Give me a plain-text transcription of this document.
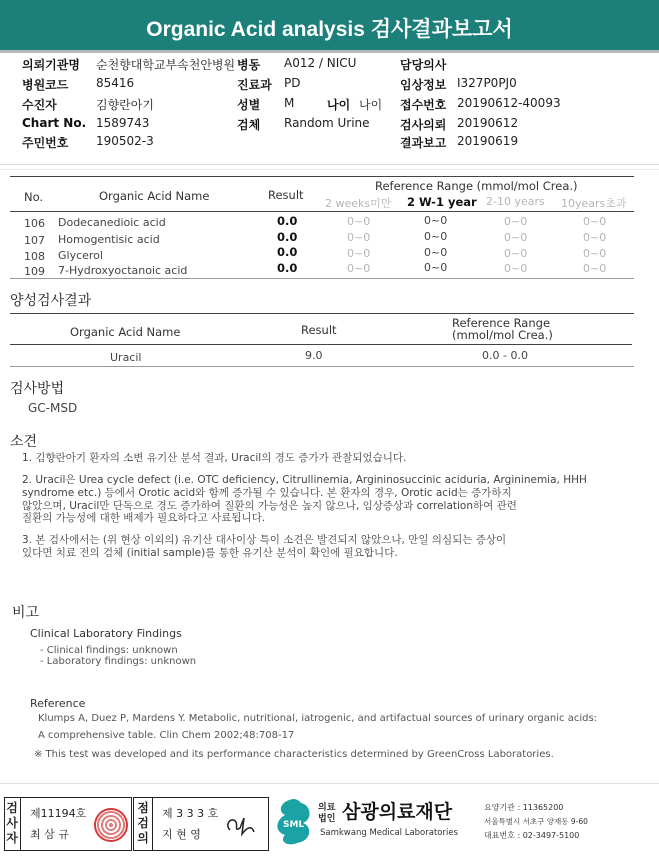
Organic Acid analysis 검사결과보고서
의뢰기관명 순천향대학교부속천안병원
병원코드 85416
수진자	김향란아기
Chart No. 1589743
주민번호 190502-3
병동 A012 / NICU
진료과 PD
성별 M	나이 나이
검체 Random Urine
담당의사
임상정보 I327P0PJ0
접수번호 20190612-40093
검사의뢰 20190612
결과보고 20190619
No.	Organic Acid Name	Result
Reference Range (mmol/mol Crea.)
2 weeks미만 2 W-1 year 2-10 years 10years초과
106 Dodecanedioic acid	0.0	0~0	0~0	0~0	0~0
107 Homogentisic acid	0.0	0~0	0~0	0~0	0~0
108 Glycerol	0.0	0~0	0~0	0~0	0~0
109 7-Hydroxyoctanoic acid	0.0	0~0	0~0	0~0	0~0
양성검사결과
Organic Acid Name	Result	Reference Range
(mmol/mol Crea.)
Uracil	9.0	0.0 - 0.0
검사방법
GC-MSD
소견
1. 김향란아기 환자의 소변 유기산 분석 결과, Uracil의 경도 증가가 관찰되었습니다.
2. Uracil은 Urea cycle defect (i.e. OTC deficiency, Citrullinemia, Argininosuccinic aciduria, Argininemia, HHH
syndrome etc.) 등에서 Orotic acid와 함께 증가될 수 있습니다. 본 환자의 경우, Orotic acid는 증가하지
않았으며, Uracil만 단독으로 경도 증가하여 질환의 가능성은 높지 않으나, 임상증상과 correlation하여 관련
질환의 가능성에 대한 배제가 필요하다고 사료됩니다.
3. 본 검사에서는 (위 현상 이외의) 유기산 대사이상 특이 소견은 발견되지 않았으나, 만일 의심되는 증상이
있다면 치료 전의 검체 (initial sample)를 통한 유기산 분석이 확인에 필요합니다.
비고
Clinical Laboratory Findings
- Clinical findings: unknown
- Laboratory findings: unknown
Reference
Klumps A, Duez P, Mardens Y. Metabolic, nutritional, iatrogenic, and artifactual sources of urinary organic acids:
A comprehensive table. Clin Chem 2002;48:708-17
※ This test was developed and its performance characteristics determined by GreenCross Laboratories.
검사자
제11194호
최 삼 규
점검의
제 3 3 3 호
지 현 영
SML
의료법인 삼광의료재단
Samkwang Medical Laboratories
요양기관 : 11365200
서울특별시 서초구 양재동 9-60
대표번호 : 02-3497-5100
